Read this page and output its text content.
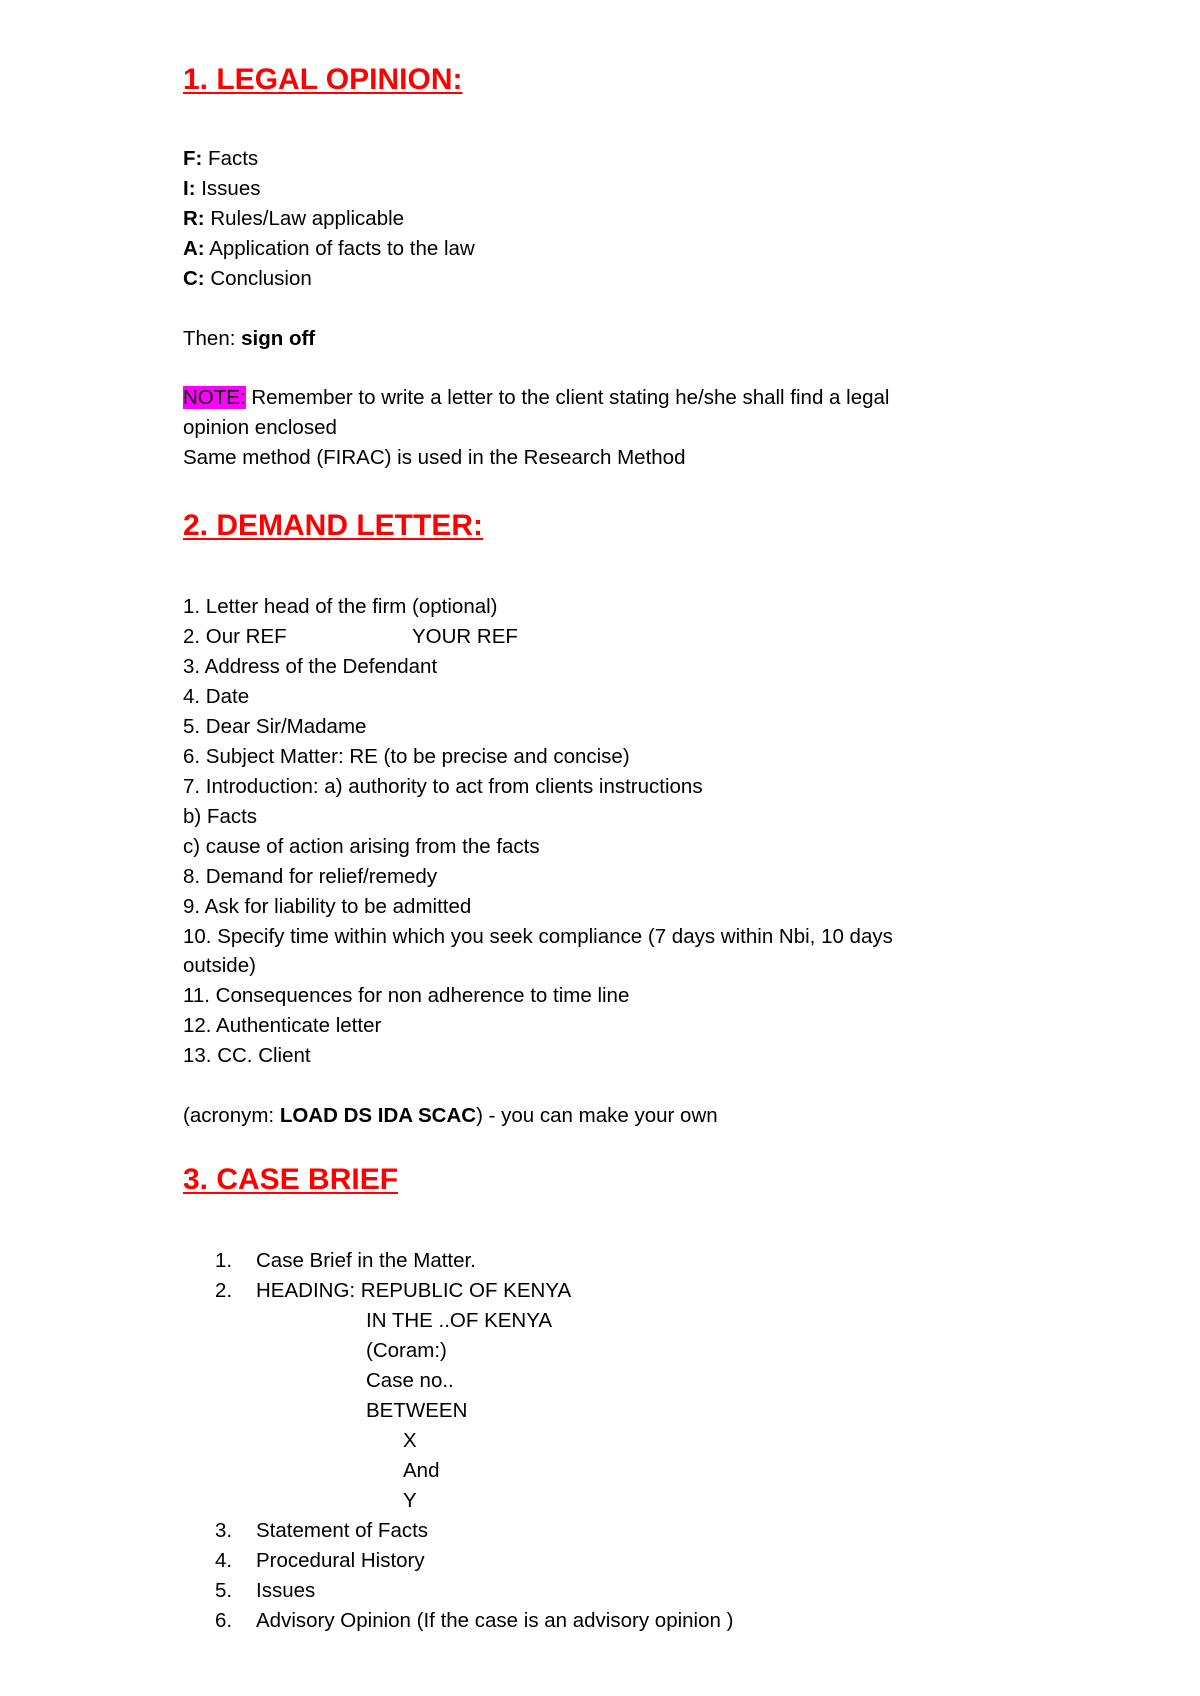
1. LEGAL OPINION:

F: Facts

I: Issues

R: Rules/Law applicable

A: Application of facts to the law

C: Conclusion

Then: sign off

NOTE: Remember to write a letter to the client stating he/she shall find a legal

opinion enclosed

Same method (FIRAC) is used in the Research Method

2. DEMAND LETTER:

1. Letter head of the firm (optional)

2. Our REF	YOUR REF

3. Address of the Defendant

4. Date

5. Dear Sir/Madame

6. Subject Matter: RE (to be precise and concise)

7. Introduction: a) authority to act from clients instructions

b) Facts

c) cause of action arising from the facts

8. Demand for relief/remedy

9. Ask for liability to be admitted

10. Specify time within which you seek compliance (7 days within Nbi, 10 days

outside)

11. Consequences for non adherence to time line

12. Authenticate letter

13. CC. Client

(acronym: LOAD DS IDA SCAC) - you can make your own

3. CASE BRIEF

1. Case Brief in the Matter.

2. HEADING: REPUBLIC OF KENYA

IN THE ..OF KENYA

(Coram:)

Case no..

BETWEEN

X

And

Y

3. Statement of Facts

4. Procedural History

5. Issues

6. Advisory Opinion (If the case is an advisory opinion )
